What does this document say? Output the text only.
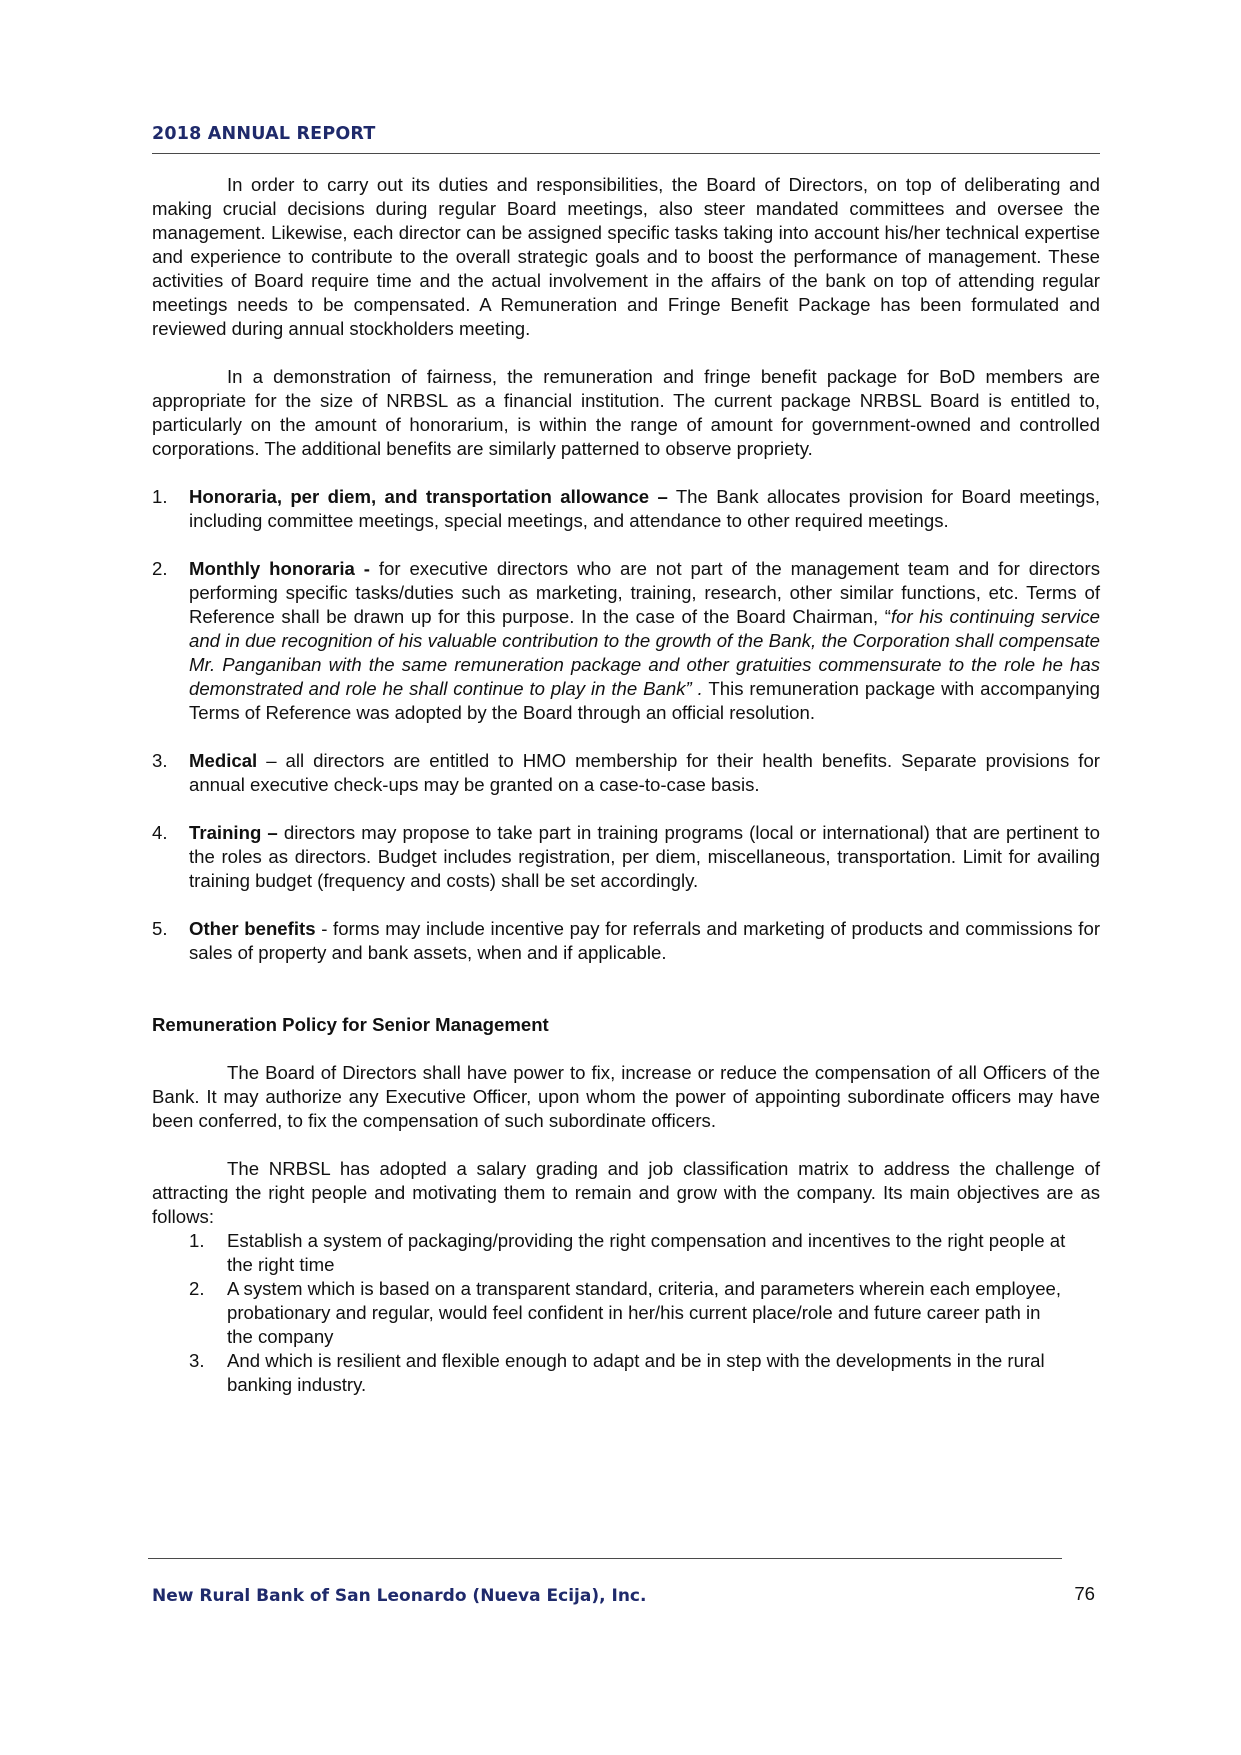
2018 ANNUAL REPORT

In order to carry out its duties and responsibilities, the Board of Directors, on top of deliberating and making crucial decisions during regular Board meetings, also steer mandated committees and oversee the management. Likewise, each director can be assigned specific tasks taking into account his/her technical expertise and experience to contribute to the overall strategic goals and to boost the performance of management. These activities of Board require time and the actual involvement in the affairs of the bank on top of attending regular meetings needs to be compensated. A Remuneration and Fringe Benefit Package has been formulated and reviewed during annual stockholders meeting.

In a demonstration of fairness, the remuneration and fringe benefit package for BoD members are appropriate for the size of NRBSL as a financial institution. The current package NRBSL Board is entitled to, particularly on the amount of honorarium, is within the range of amount for government-owned and controlled corporations. The additional benefits are similarly patterned to observe propriety.

1. Honoraria, per diem, and transportation allowance – The Bank allocates provision for Board meetings, including committee meetings, special meetings, and attendance to other required meetings.
2. Monthly honoraria - for executive directors who are not part of the management team and for directors performing specific tasks/duties such as marketing, training, research, other similar functions, etc. Terms of Reference shall be drawn up for this purpose. In the case of the Board Chairman, “for his continuing service and in due recognition of his valuable contribution to the growth of the Bank, the Corporation shall compensate Mr. Panganiban with the same remuneration package and other gratuities commensurate to the role he has demonstrated and role he shall continue to play in the Bank” . This remuneration package with accompanying Terms of Reference was adopted by the Board through an official resolution.
3. Medical – all directors are entitled to HMO membership for their health benefits. Separate provisions for annual executive check-ups may be granted on a case-to-case basis.
4. Training – directors may propose to take part in training programs (local or international) that are pertinent to the roles as directors. Budget includes registration, per diem, miscellaneous, transportation. Limit for availing training budget (frequency and costs) shall be set accordingly.
5. Other benefits - forms may include incentive pay for referrals and marketing of products and commissions for sales of property and bank assets, when and if applicable.
Remuneration Policy for Senior Management

The Board of Directors shall have power to fix, increase or reduce the compensation of all Officers of the Bank. It may authorize any Executive Officer, upon whom the power of appointing subordinate officers may have been conferred, to fix the compensation of such subordinate officers.

The NRBSL has adopted a salary grading and job classification matrix to address the challenge of attracting the right people and motivating them to remain and grow with the company. Its main objectives are as follows:

1. Establish a system of packaging/providing the right compensation and incentives to the right people at the right time
2. A system which is based on a transparent standard, criteria, and parameters wherein each employee, probationary and regular, would feel confident in her/his current place/role and future career path in the company
3. And which is resilient and flexible enough to adapt and be in step with the developments in the rural banking industry.
New Rural Bank of San Leonardo (Nueva Ecija), Inc.	76
